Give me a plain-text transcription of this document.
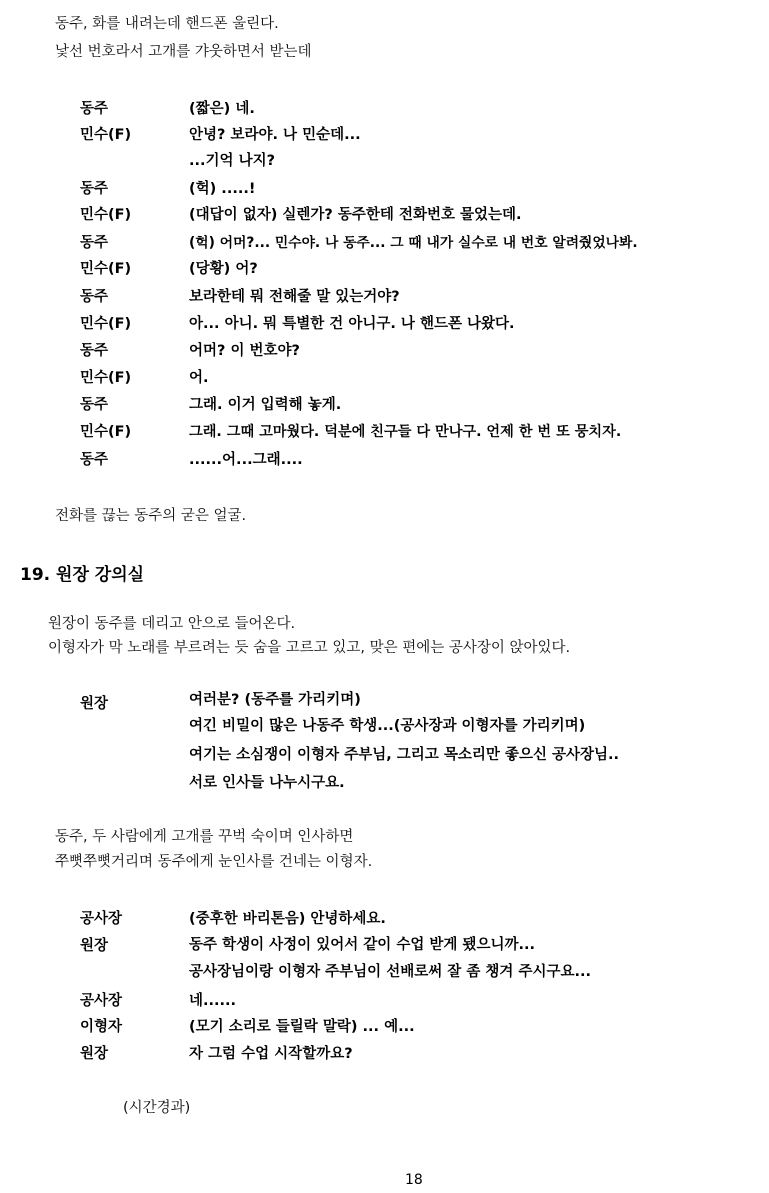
동주, 화를 내려는데 핸드폰 울린다.
낯선 번호라서 고개를 갸웃하면서 받는데
동주	(짧은) 네.
민수(F)	안녕? 보라야. 나 민순데...
...기억 나지?
동주	(헉) .....!
민수(F)	(대답이 없자) 실렌가? 동주한테 전화번호 물었는데.
동주	(헉) 어머?... 민수야. 나 동주... 그 때 내가 실수로 내 번호 알려줬었나봐.
민수(F)	(당황) 어?
동주	보라한테 뭐 전해줄 말 있는거야?
민수(F)	아... 아니. 뭐 특별한 건 아니구. 나 핸드폰 나왔다.
동주	어머? 이 번호야?
민수(F)	어.
동주	그래. 이거 입력해 놓게.
민수(F)	그래. 그때 고마웠다. 덕분에 친구들 다 만나구. 언제 한 번 또 뭉치자.
동주	......어...그래....
전화를 끊는 동주의 굳은 얼굴.
19. 원장 강의실
원장이 동주를 데리고 안으로 들어온다.
이형자가 막 노래를 부르려는 듯 숨을 고르고 있고, 맞은 편에는 공사장이 앉아있다.
원장	여러분? (동주를 가리키며)
여긴 비밀이 많은 나동주 학생...(공사장과 이형자를 가리키며)
여기는 소심쟁이 이형자 주부님, 그리고 목소리만 좋으신 공사장님..
서로 인사들 나누시구요.
동주, 두 사람에게 고개를 꾸벅 숙이며 인사하면
쭈뼛쭈뼛거리며 동주에게 눈인사를 건네는 이형자.
공사장	(중후한 바리톤음) 안녕하세요.
원장	동주 학생이 사정이 있어서 같이 수업 받게 됐으니까...
공사장님이랑 이형자 주부님이 선배로써 잘 좀 챙겨 주시구요...
공사장	네......
이형자	(모기 소리로 들릴락 말락) ... 예...
원장	자 그럼 수업 시작할까요?
(시간경과)
18
